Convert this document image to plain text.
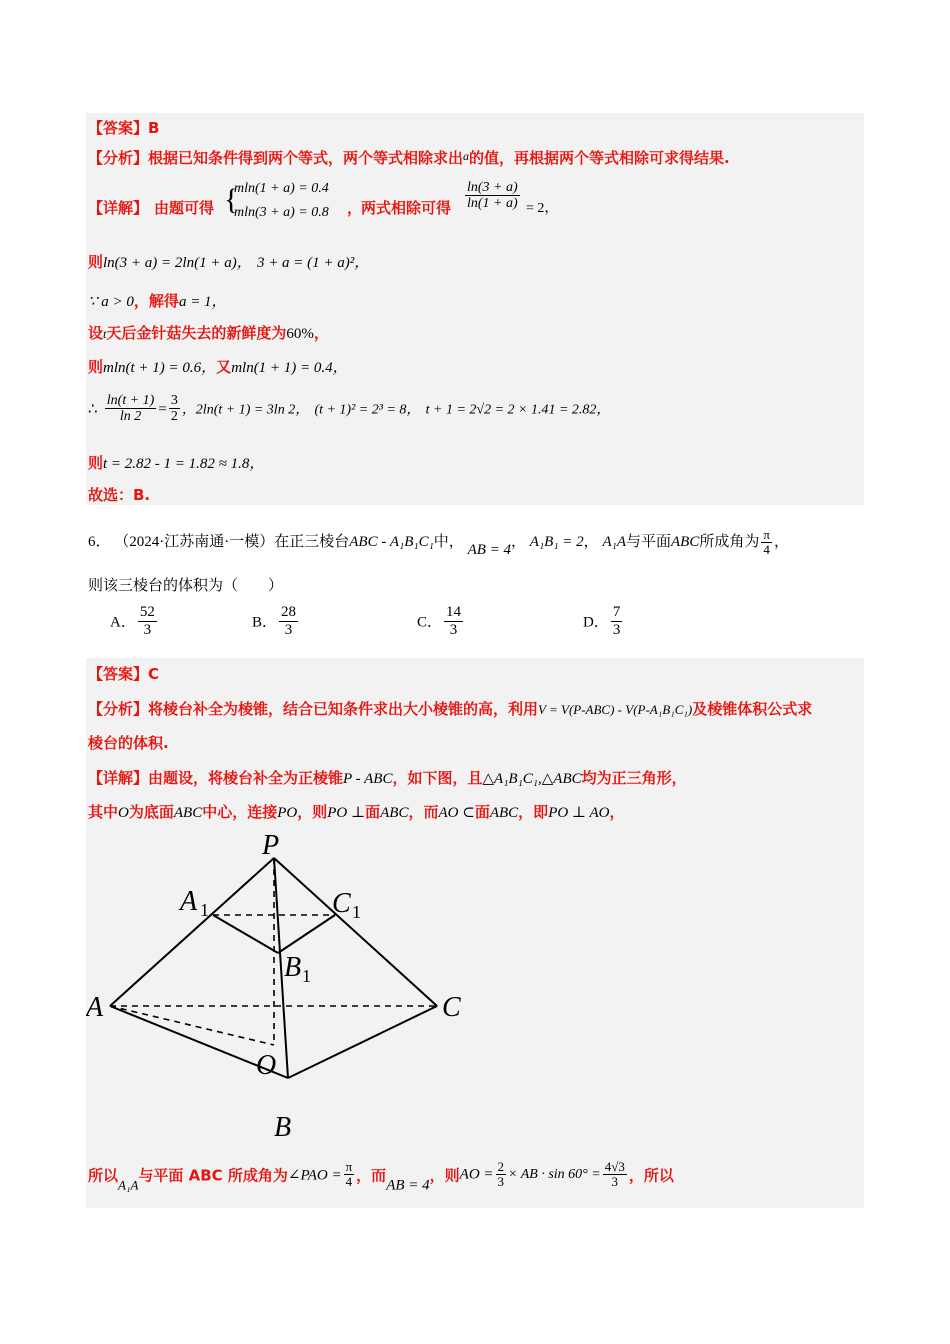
【答案】B
【分析】根据已知条件得到两个等式，两个等式相除求出$^a$的值，再根据两个等式相除可求得结果.
【详解】 由题可得 {
mln(1 + a) = 0.4
mln(3 + a) = 0.8 ，
两式相除可得 $\frac{\ln(3 + a)}{\ln(1 + a)} = 2$，
则ln(3 + a) = 2ln(1 + a)， 3 + a = (1 + a)²，
∵ a > 0，解得a = 1，
设t天后金针菇失去的新鲜度为60%，
则mln(t + 1) = 0.6，又mln(1 + 1) = 0.4，
∴ $\frac{\ln(t + 1)}{\ln 2} = \frac{3}{2}$ ，2ln(t + 1) = 3ln 2， (t + 1)² = 2³ = 8， t + 1 = 2√2 = 2 × 1.41 = 2.82，
则t = 2.82 - 1 = 1.82 ≈ 1.8，
故选：B.
6． （2024·江苏南通·一模）在正三棱台ABC - A₁B₁C₁中， AB = 4， A₁B₁ = 2， A₁A与平面ABC所成角为 $\frac{\pi}{4}$ ，
则该三棱台的体积为（　　）
A． $\frac{52}{3}$	B． $\frac{28}{3}$	C． $\frac{14}{3}$	D． $\frac{7}{3}$
【答案】C
【分析】将棱台补全为棱锥，结合已知条件求出大小棱锥的高，利用V = V(P-ABC) - V(P-A₁B₁C₁)及棱锥体积公式求
棱台的体积.
【详解】由题设，将棱台补全为正棱锥P - ABC，如下图，且△A₁B₁C₁,△ABC均为正三角形，
其中O为底面ABC中心，连接PO，则PO ⊥面ABC，而AO ⊂面ABC，即PO ⊥ AO，
P
A 1	C 1
B 1
A	C
O
B
所以A₁A与平面 ABC 所成角为∠PAO = $\frac{\pi}{4}$ ，而AB = 4，则AO = $\frac{2}{3}$ × AB · $\sin 60^\circ = \frac{4√3}{3}$ ，所以
